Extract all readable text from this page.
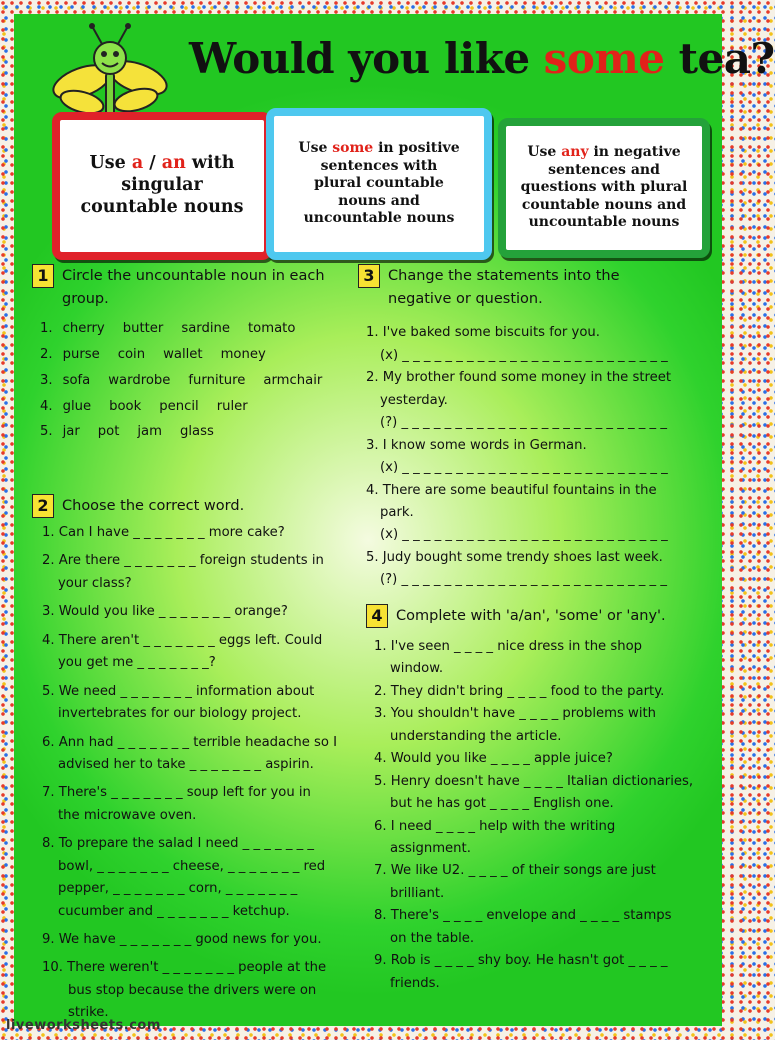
Would you like some tea?
Use a / an with
singular
countable nouns
Use some in positive
sentences with
plural countable
nouns and
uncountable nouns
Use any in negative
sentences and
questions with plural
countable nouns and
uncountable nouns
1 Circle the uncountable noun in each
group.
1. cherry butter sardine tomato
2. purse coin wallet money
3. sofa wardrobe furniture armchair
4. glue book pencil ruler
5. jar pot jam glass
2 Choose the correct word.
1. Can I have _ _ _ _ _ _ _ more cake?
2. Are there _ _ _ _ _ _ _ foreign students in
your class?
3. Would you like _ _ _ _ _ _ _ orange?
4. There aren't _ _ _ _ _ _ _ eggs left. Could
you get me _ _ _ _ _ _ _?
5. We need _ _ _ _ _ _ _ information about
invertebrates for our biology project.
6. Ann had _ _ _ _ _ _ _ terrible headache so I
advised her to take _ _ _ _ _ _ _ aspirin.
7. There's _ _ _ _ _ _ _ soup left for you in
the microwave oven.
8. To prepare the salad I need _ _ _ _ _ _ _
bowl, _ _ _ _ _ _ _ cheese, _ _ _ _ _ _ _ red
pepper, _ _ _ _ _ _ _ corn, _ _ _ _ _ _ _
cucumber and _ _ _ _ _ _ _ ketchup.
9. We have _ _ _ _ _ _ _ good news for you.
10. There weren't _ _ _ _ _ _ _ people at the
bus stop because the drivers were on
strike.
3 Change the statements into the
negative or question.
1. I've baked some biscuits for you.
(x) _ _ _ _ _ _ _ _ _ _ _ _ _ _ _ _ _ _ _ _ _ _ _ _ _
2. My brother found some money in the street
yesterday.
(?) _ _ _ _ _ _ _ _ _ _ _ _ _ _ _ _ _ _ _ _ _ _ _ _ _
3. I know some words in German.
(x) _ _ _ _ _ _ _ _ _ _ _ _ _ _ _ _ _ _ _ _ _ _ _ _ _
4. There are some beautiful fountains in the
park.
(x) _ _ _ _ _ _ _ _ _ _ _ _ _ _ _ _ _ _ _ _ _ _ _ _ _
5. Judy bought some trendy shoes last week.
(?) _ _ _ _ _ _ _ _ _ _ _ _ _ _ _ _ _ _ _ _ _ _ _ _ _
4 Complete with 'a/an', 'some' or 'any'.
1. I've seen _ _ _ _ nice dress in the shop
window.
2. They didn't bring _ _ _ _ food to the party.
3. You shouldn't have _ _ _ _ problems with
understanding the article.
4. Would you like _ _ _ _ apple juice?
5. Henry doesn't have _ _ _ _ Italian dictionaries,
but he has got _ _ _ _ English one.
6. I need _ _ _ _ help with the writing
assignment.
7. We like U2. _ _ _ _ of their songs are just
brilliant.
8. There's _ _ _ _ envelope and _ _ _ _ stamps
on the table.
9. Rob is _ _ _ _ shy boy. He hasn't got _ _ _ _
friends.
liveworksheets.com
